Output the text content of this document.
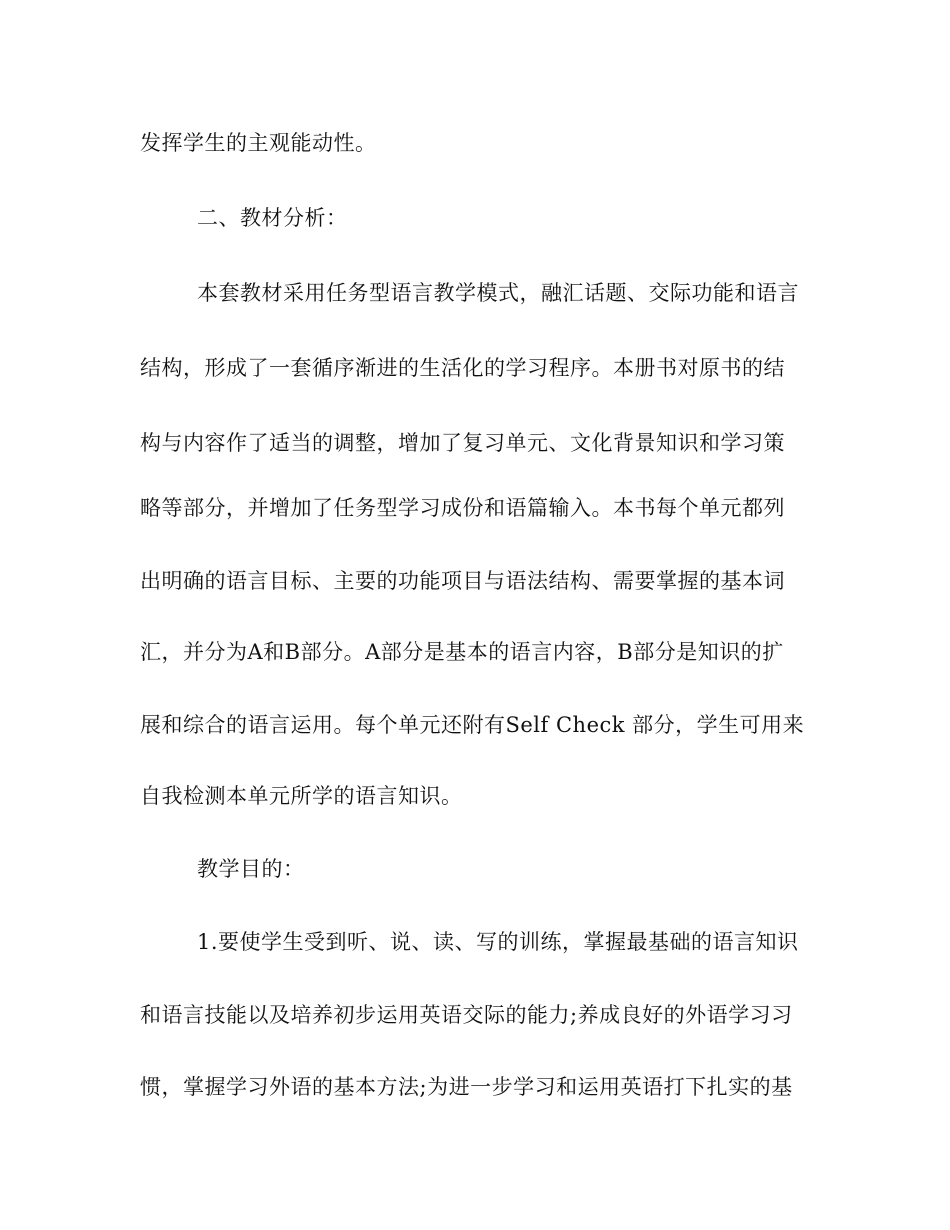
发挥学生的主观能动性。
二、教材分析：
本套教材采用任务型语言教学模式，融汇话题、交际功能和语言
结构，形成了一套循序渐进的生活化的学习程序。本册书对原书的结
构与内容作了适当的调整，增加了复习单元、文化背景知识和学习策
略等部分，并增加了任务型学习成份和语篇输入。本书每个单元都列
出明确的语言目标、主要的功能项目与语法结构、需要掌握的基本词
汇，并分为A和B部分。A部分是基本的语言内容，B部分是知识的扩
展和综合的语言运用。每个单元还附有Self Check 部分，学生可用来
自我检测本单元所学的语言知识。
教学目的：
1.要使学生受到听、说、读、写的训练，掌握最基础的语言知识
和语言技能以及培养初步运用英语交际的能力;养成良好的外语学习习
惯，掌握学习外语的基本方法;为进一步学习和运用英语打下扎实的基
